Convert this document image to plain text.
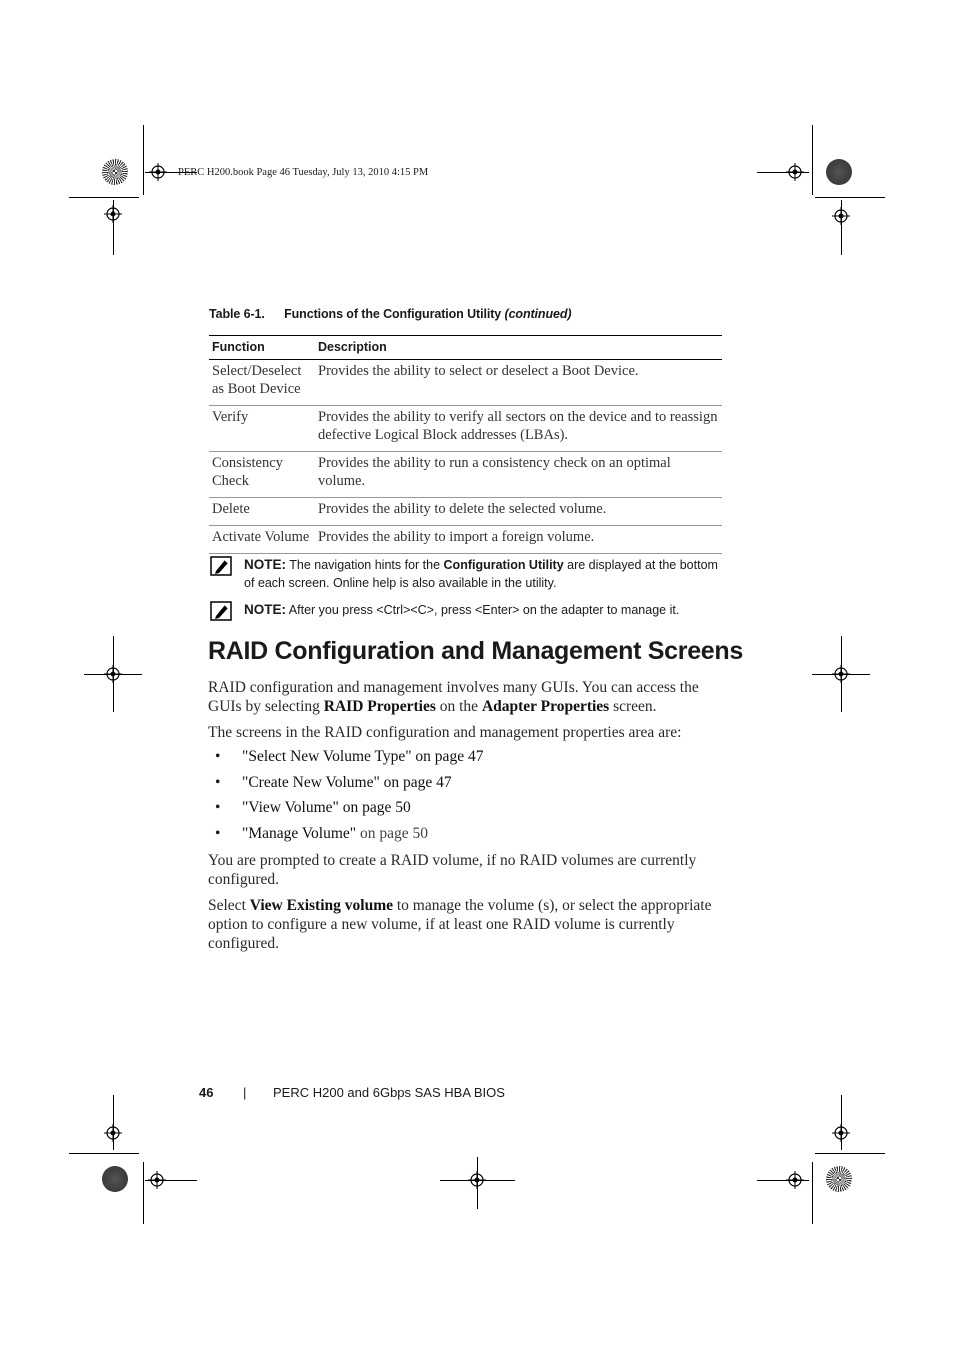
PERC H200.book Page 46 Tuesday, July 13, 2010 4:15 PM
Table 6-1. Functions of the Configuration Utility (continued)
Function	Description
Select/Deselect as Boot Device	Provides the ability to select or deselect a Boot Device.
Verify	Provides the ability to verify all sectors on the device and to reassign defective Logical Block addresses (LBAs).
Consistency Check	Provides the ability to run a consistency check on an optimal volume.
Delete	Provides the ability to delete the selected volume.
Activate Volume	Provides the ability to import a foreign volume.
NOTE: The navigation hints for the Configuration Utility are displayed at the bottom of each screen. Online help is also available in the utility.
NOTE: After you press <Ctrl><C>, press <Enter> on the adapter to manage it.
RAID Configuration and Management Screens
RAID configuration and management involves many GUIs. You can access the GUIs by selecting RAID Properties on the Adapter Properties screen.
The screens in the RAID configuration and management properties area are:
• "Select New Volume Type" on page 47
• "Create New Volume" on page 47
• "View Volume" on page 50
• "Manage Volume" on page 50
You are prompted to create a RAID volume, if no RAID volumes are currently configured.
Select View Existing volume to manage the volume (s), or select the appropriate option to configure a new volume, if at least one RAID volume is currently configured.
46 | PERC H200 and 6Gbps SAS HBA BIOS
